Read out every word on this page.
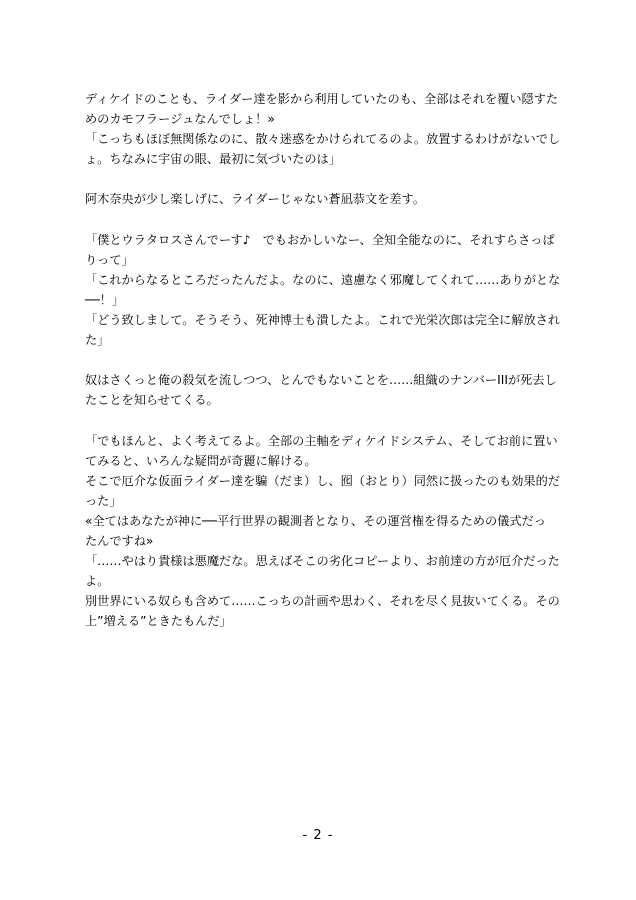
ディケイドのことも、ライダー達を影から利用していたのも、全部はそれを覆い隠すた
めのカモフラージュなんでしょ！»
「こっちもほぼ無関係なのに、散々迷惑をかけられてるのよ。放置するわけがないでし
ょ。ちなみに宇宙の眼、最初に気づいたのは」
阿木奈央が少し楽しげに、ライダーじゃない蒼凪恭文を差す。
「僕とウラタロスさんでーす♪　でもおかしいなー、全知全能なのに、それすらさっぱ
りって」
「これからなるところだったんだよ。なのに、遠慮なく邪魔してくれて……ありがとな
──！」
「どう致しまして。そうそう、死神博士も潰したよ。これで光栄次郎は完全に解放され
た」
奴はさくっと俺の殺気を流しつつ、とんでもないことを……組織のナンバーIIIが死去し
たことを知らせてくる。
「でもほんと、よく考えてるよ。全部の主軸をディケイドシステム、そしてお前に置い
てみると、いろんな疑問が奇麗に解ける。
そこで厄介な仮面ライダー達を騙（だま）し、囮（おとり）同然に扱ったのも効果的だ
った」
«全てはあなたが神に──平行世界の観測者となり、その運営権を得るための儀式だっ
たんですね»
「……やはり貴様は悪魔だな。思えばそこの劣化コピーより、お前達の方が厄介だった
よ。
別世界にいる奴らも含めて……こっちの計画や思わく、それを尽く見抜いてくる。その
上”増える”ときたもんだ」
- 2 -
